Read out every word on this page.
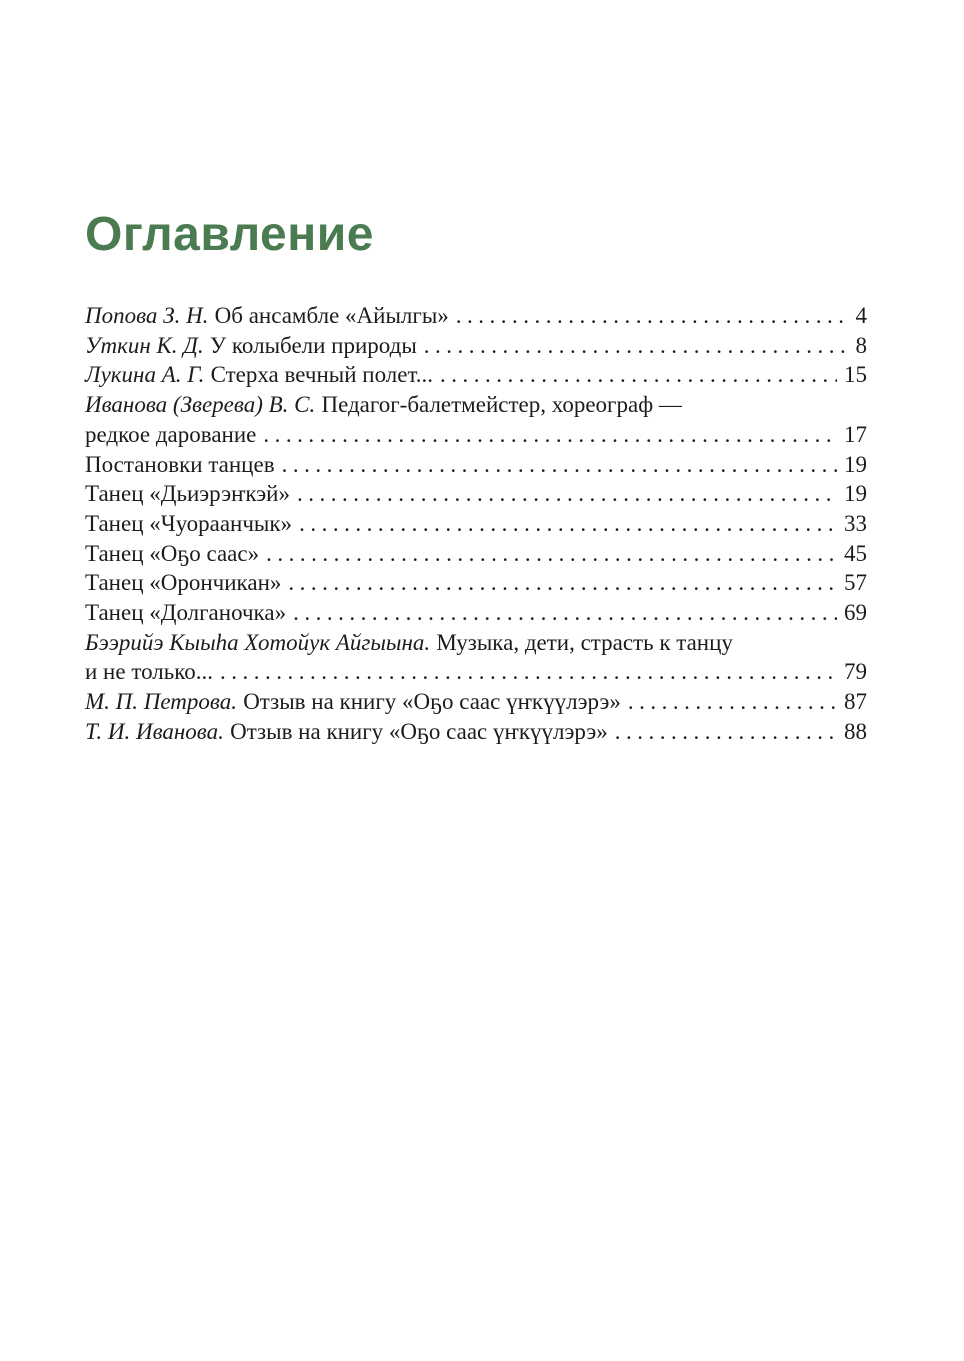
Оглавление
Попова З. Н. Об ансамбле «Айылгы» .....	4
Уткин К. Д. У колыбели природы .....	8
Лукина А. Г. Стерха вечный полет... .....	15
Иванова (Зверева) В. С. Педагог-балетмейстер, хореограф —
редкое дарование .....	17
Постановки танцев .....	19
Танец «Дьиэрэҥкэй» .....	19
Танец «Чуораанчык» .....	33
Танец «Оҕо саас» .....	45
Танец «Орончикан» .....	57
Танец «Долганочка» .....	69
Бээрийэ Кыыһа Хотойук Айгыына. Музыка, дети, страсть к танцу
и не только... .....	79
М. П. Петрова. Отзыв на книгу «Оҕо саас үҥкүүлэрэ» .....	87
Т. И. Иванова. Отзыв на книгу «Оҕо саас үҥкүүлэрэ» .....	88
